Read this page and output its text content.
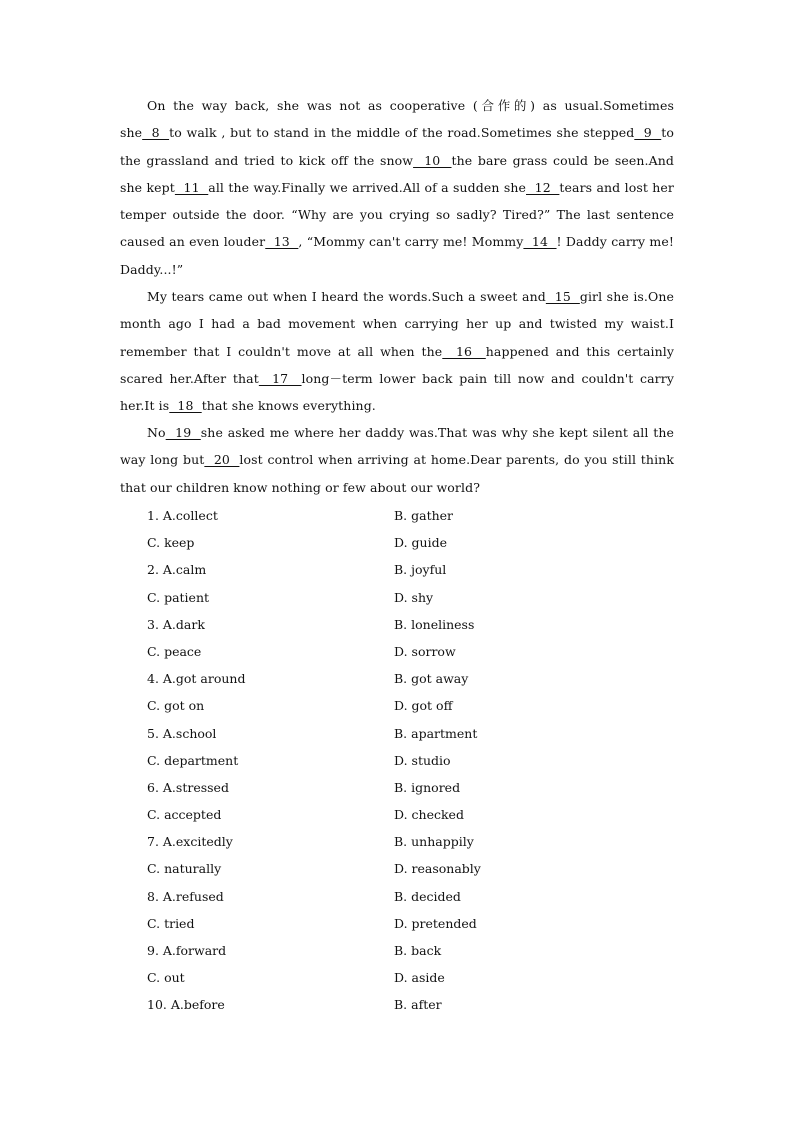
On the way back, she was not as cooperative (合作的) as usual.Sometimes she  8  to walk , but to stand in the middle of the road.Sometimes she stepped  9  to the grassland and tried to kick off the snow  10  the bare grass could be seen.And she kept  11  all the way.Finally we arrived.All of a sudden she  12  tears and lost her temper outside the door. “Why are you crying so sadly? Tired?” The last sentence caused an even louder  13  , “Mommy can't carry me! Mommy  14  ! Daddy carry me! Daddy...!”
My tears came out when I heard the words.Such a sweet and  15  girl she is.One month ago I had a bad movement when carrying her up and twisted my waist.I remember that I couldn't move at all when the  16  happened and this certainly scared her.After that  17  long－term lower back pain till now and couldn't carry her.It is  18  that she knows everything.
No  19  she asked me where her daddy was.That was why she kept silent all the way long but  20  lost control when arriving at home.Dear parents, do you still think that our children know nothing or few about our world?
1. A.collect	B. gather
C. keep	D. guide
2. A.calm	B. joyful
C. patient	D. shy
3. A.dark	B. loneliness
C. peace	D. sorrow
4. A.got around	B. got away
C. got on	D. got off
5. A.school	B. apartment
C. department	D. studio
6. A.stressed	B. ignored
C. accepted	D. checked
7. A.excitedly	B. unhappily
C. naturally	D. reasonably
8. A.refused	B. decided
C. tried	D. pretended
9. A.forward	B. back
C. out	D. aside
10. A.before	B. after
